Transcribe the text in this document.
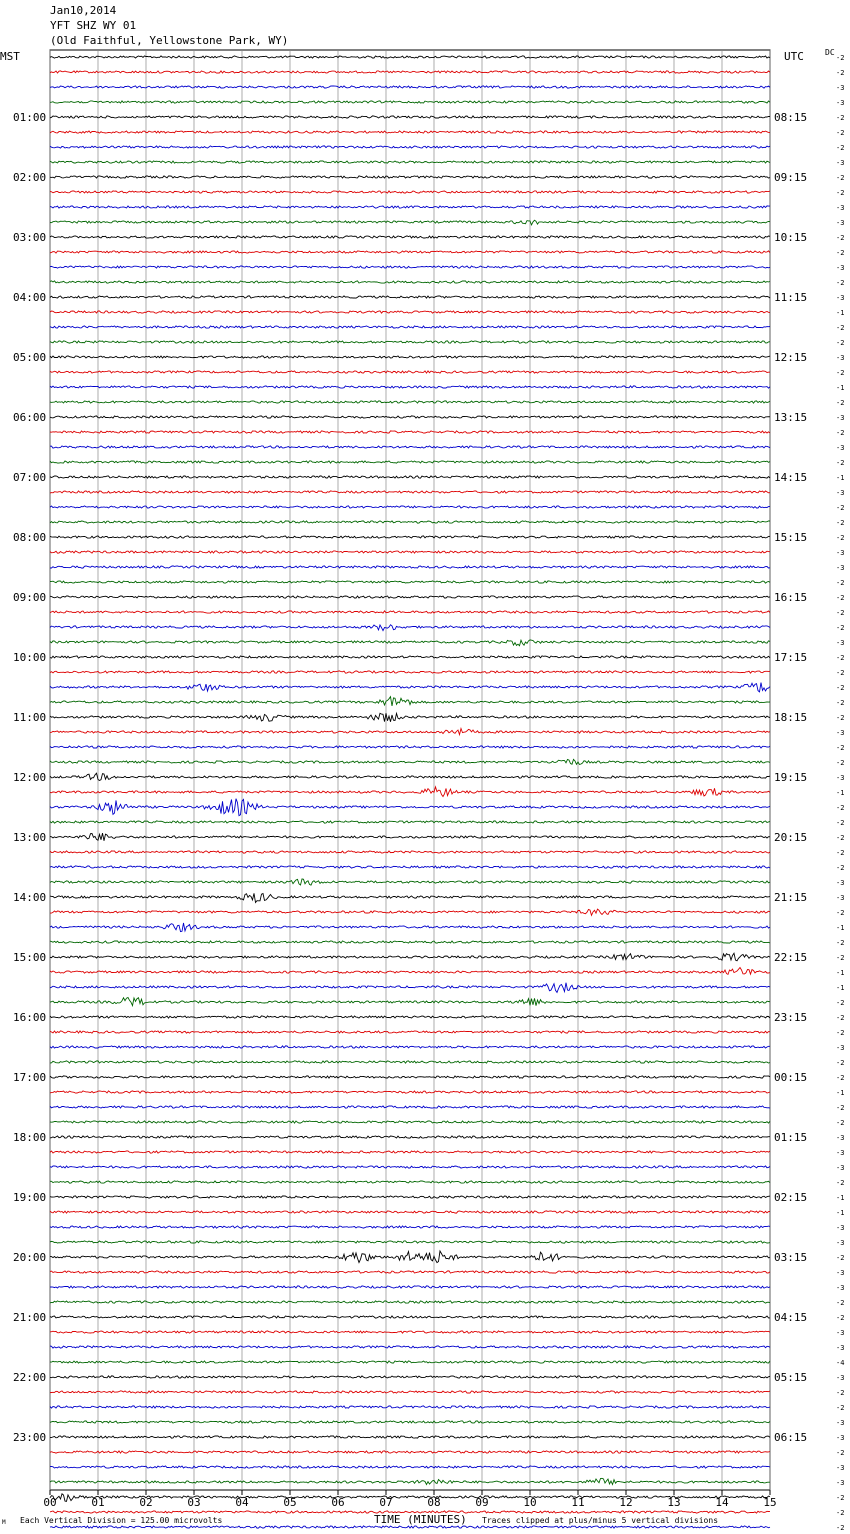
00	01	02	03	04	05	06	07	08	09	10	11	12	13	14	15
-2
-2
-3
-3
-2
-2
-2
-3
-2
-2
-3
-3
-2
-2
-3
-2
-3
-1
-2
-2
-3
-2
-1
-2
-3
-2
-3
-2
-1
-3
-2
-2
-2
-3
-3
-2
-2
-2
-2
-3
-2
-2
-2
-2
-2
-3
-2
-2
-3
-1
-2
-2
-2
-2
-2
-3
-3
-2
-1
-2
-2
-1
-1
-2
-2
-2
-3
-2
-2
-1
-2
-2
-3
-3
-3
-2
-1
-1
-3
-3
-2
-3
-3
-2
-2
-3
-3
-4
-3
-2
-2
-3
-3
-2
-3
-3
-2
-2
-2
01:00	08:15
02:00	09:15
03:00	10:15
04:00	11:15
05:00	12:15
06:00	13:15
07:00	14:15
08:00	15:15
09:00	16:15
10:00	17:15
11:00	18:15
12:00	19:15
13:00	20:15
14:00	21:15
15:00	22:15
16:00	23:15
17:00	00:15
18:00	01:15
19:00	02:15
20:00	03:15
21:00	04:15
22:00	05:15
23:00	06:15
Jan10,2014
YFT SHZ WY 01
(Old Faithful, Yellowstone Park, WY)
MST	UTC	DC
M Each Vertical Division = 125.00 microvolts	TIME (MINUTES) Traces clipped at plus/minus 5 vertical divisions
